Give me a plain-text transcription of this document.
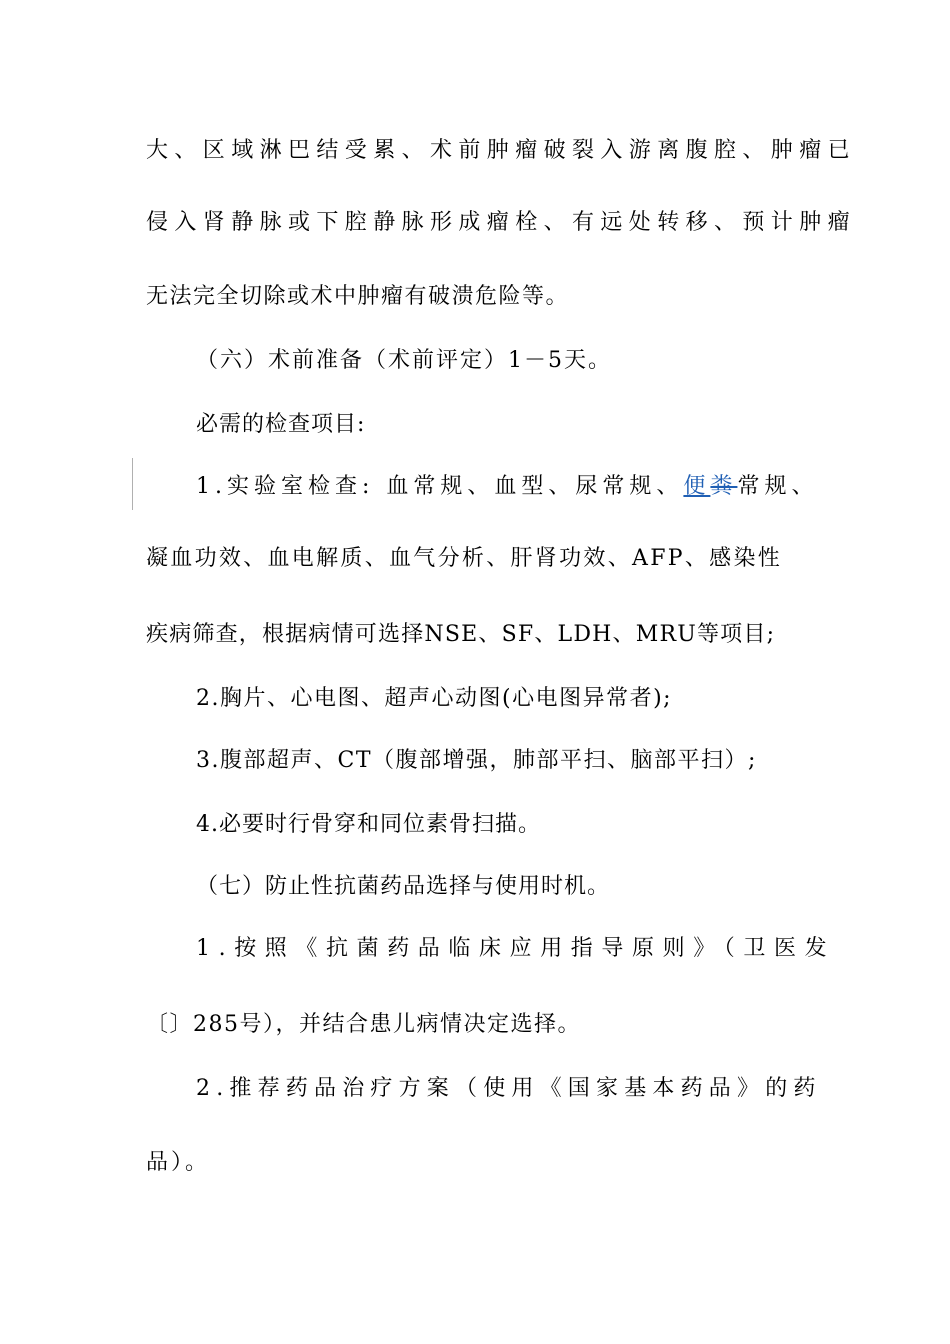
大、区域淋巴结受累、术前肿瘤破裂入游离腹腔、肿瘤已
侵入肾静脉或下腔静脉形成瘤栓、有远处转移、预计肿瘤
无法完全切除或术中肿瘤有破溃危险等。
（六）术前准备（术前评定）1－5天。
必需的检查项目:
1.实验室检查: 血常规、血型、尿常规、便粪常规、
凝血功效、血电解质、血气分析、肝肾功效、AFP、感染性
疾病筛查，根据病情可选择NSE、SF、LDH、MRU等项目;
2.胸片、心电图、超声心动图(心电图异常者);
3.腹部超声、CT（腹部增强，肺部平扫、脑部平扫）;
4.必要时行骨穿和同位素骨扫描。
（七）防止性抗菌药品选择与使用时机。
1.按照《抗菌药品临床应用指导原则》（卫医发
〔〕285号），并结合患儿病情决定选择。
2.推荐药品治疗方案（使用《国家基本药品》的药
品）。
